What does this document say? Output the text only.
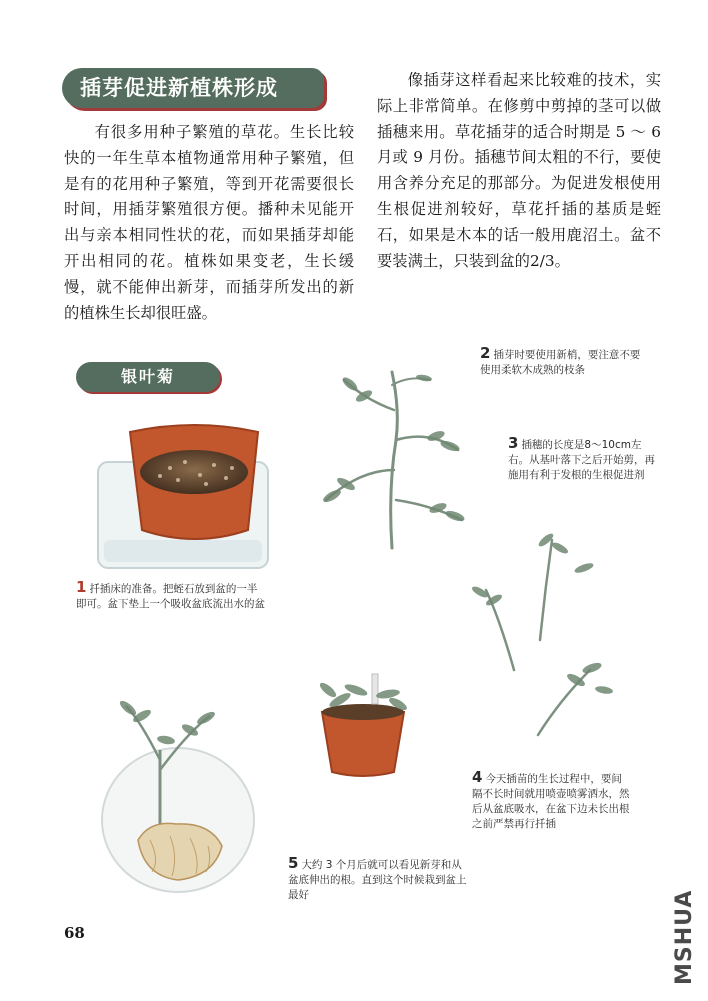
插芽促进新植株形成
有很多用种子繁殖的草花。生长比较快的一年生草本植物通常用种子繁殖，但是有的花用种子繁殖，等到开花需要很长时间，用插芽繁殖很方便。播种未见能开出与亲本相同性状的花，而如果插芽却能开出相同的花。植株如果变老，生长缓慢，就不能伸出新芽，而插芽所发出的新的植株生长却很旺盛。
像插芽这样看起来比较难的技术，实际上非常简单。在修剪中剪掉的茎可以做插穗来用。草花插芽的适合时期是 5 ～ 6 月或 9 月份。插穗节间太粗的不行，要使用含养分充足的那部分。为促进发根使用生根促进剂较好，草花扦插的基质是蛭石，如果是木本的话一般用鹿沼土。盆不要装满土，只装到盆的2/3。
银叶菊
1 扦插床的准备。把蛭石放到盆的一半即可。盆下垫上一个吸收盆底流出水的盆
2 插芽时要使用新梢，要注意不要使用柔软木成熟的枝条
3 插穗的长度是8～10cm左右。从基叶落下之后开始剪，再施用有利于发根的生根促进剂
4 今天插苗的生长过程中，要间隔不长时间就用喷壶喷雾洒水，然后从盆底吸水，在盆下边未长出根之前严禁再行扦插
5 大约 3 个月后就可以看见新芽和从盆底伸出的根。直到这个时候栽到盆上最好
68	MSHUA
